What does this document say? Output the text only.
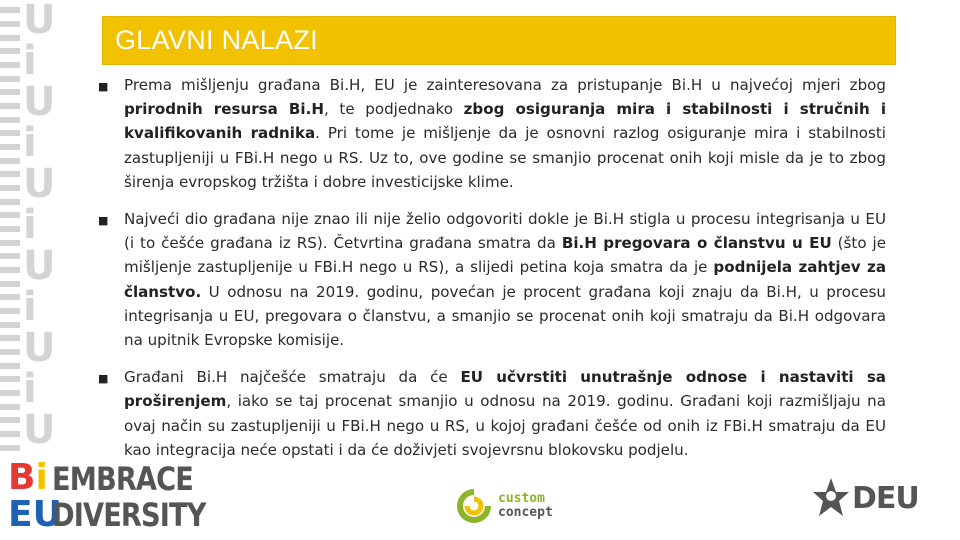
U
i
U
i
U
i
U
i
U
i
U
GLAVNI NALAZI
■	Prema mišljenju građana Bi.H, EU je zainteresovana za pristupanje Bi.H u najvećoj mjeri zbog prirodnih resursa Bi.H, te podjednako zbog osiguranja mira i stabilnosti i stručnih i kvalifikovanih radnika. Pri tome je mišljenje da je osnovni razlog osiguranje mira i stabilnosti zastupljeniji u FBi.H nego u RS. Uz to, ove godine se smanjio procenat onih koji misle da je to zbog širenja evropskog tržišta i dobre investicijske klime.
■	Najveći dio građana nije znao ili nije želio odgovoriti dokle je Bi.H stigla u procesu integrisanja u EU (i to češće građana iz RS). Četvrtina građana smatra da Bi.H pregovara o članstvu u EU (što je mišljenje zastupljenije u FBi.H nego u RS), a slijedi petina koja smatra da je podnijela zahtjev za članstvo. U odnosu na 2019. godinu, povećan je procent građana koji znaju da Bi.H, u procesu integrisanja u EU, pregovara o članstvu, a smanjio se procenat onih koji smatraju da Bi.H odgovara na upitnik Evropske komisije.
■	Građani Bi.H najčešće smatraju da će EU učvrstiti unutrašnje odnose i nastaviti sa proširenjem, iako se taj procenat smanjio u odnosu na 2019. godinu. Građani koji razmišljaju na ovaj način su zastupljeniji u FBi.H nego u RS, u kojoj građani češće od onih iz FBi.H smatraju da EU kao integracija neće opstati i da će doživjeti svojevrsnu blokovsku podjelu.
Bi
EU
EMBRACE
DIVERSITY	custom
concept	DEU
